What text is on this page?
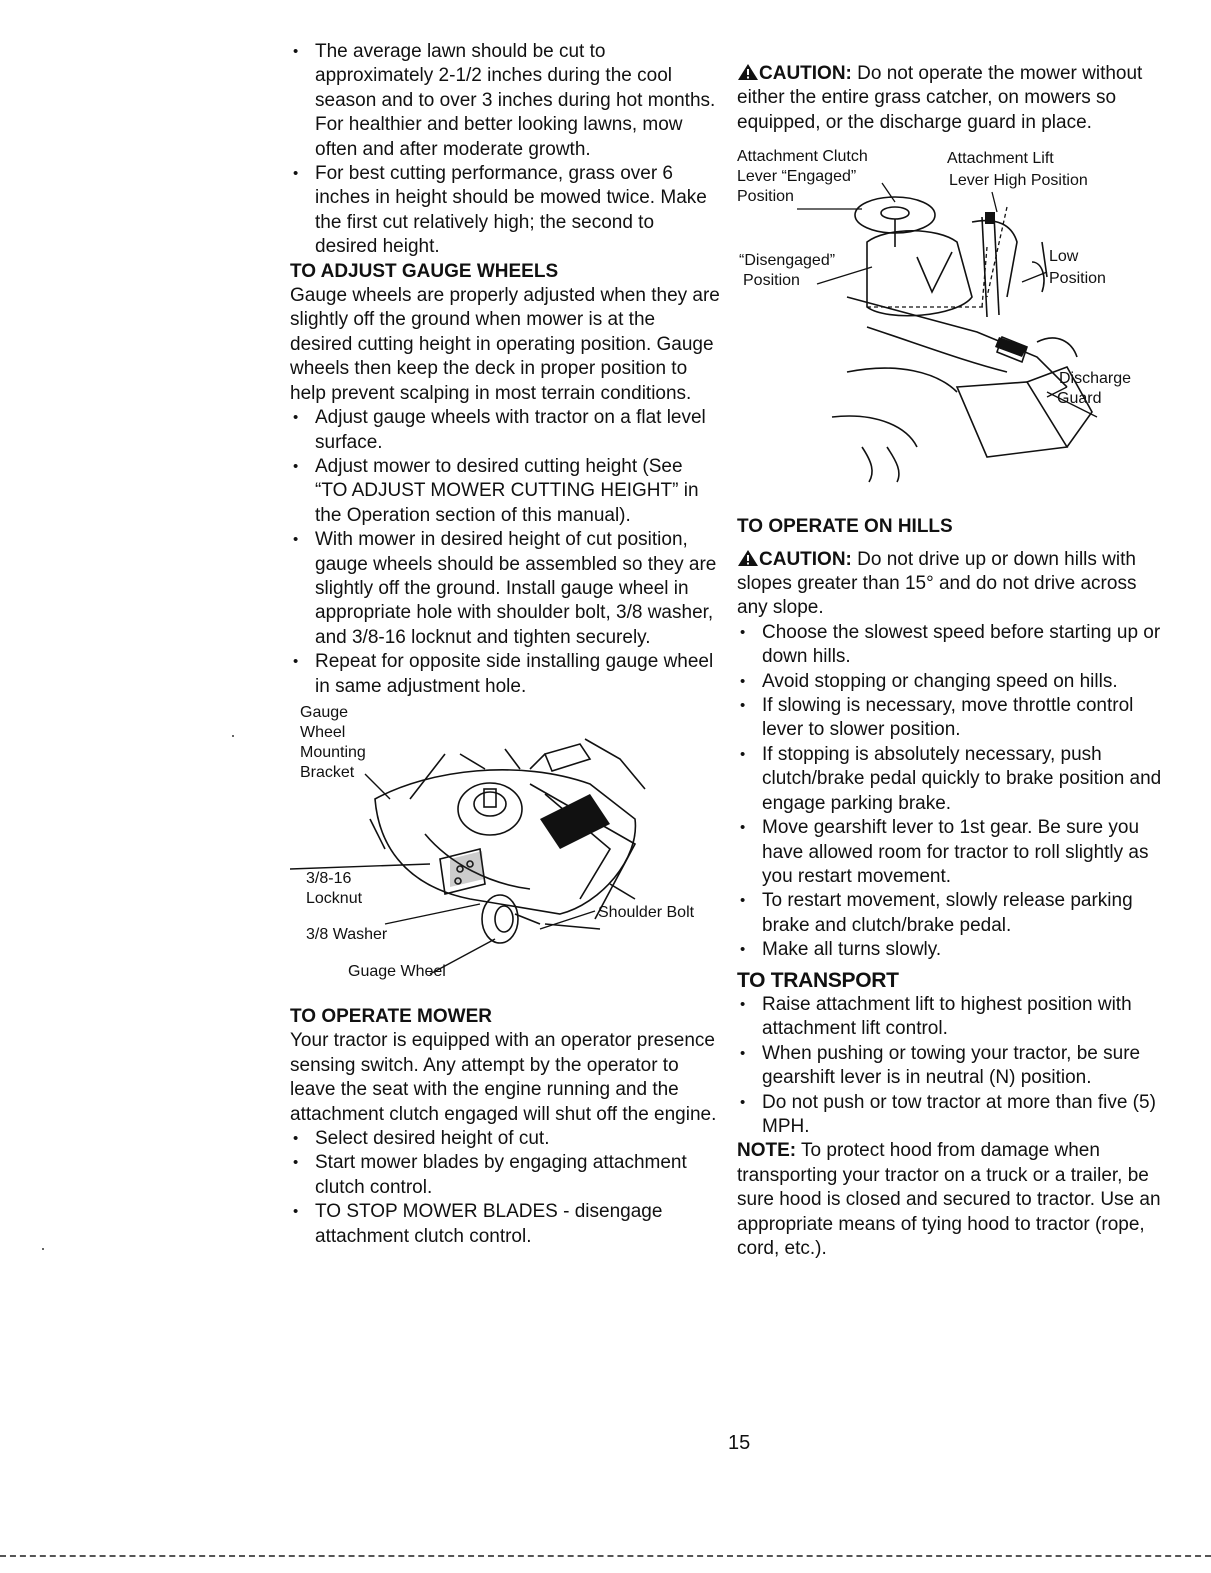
• The average lawn should be cut to approximately 2-1/2 inches during the cool season and to over 3 inches during hot months. For healthier and better looking lawns, mow often and after moderate growth.
• For best cutting performance, grass over 6 inches in height should be mowed twice. Make the first cut relatively high; the second to desired height.

TO ADJUST GAUGE WHEELS

Gauge wheels are properly adjusted when they are slightly off the ground when mower is at the desired cutting height in operating position. Gauge wheels then keep the deck in proper position to help prevent scalping in most terrain conditions.

• Adjust gauge wheels with tractor on a flat level surface.
• Adjust mower to desired cutting height (See “TO ADJUST MOWER CUTTING HEIGHT” in the Operation section of this manual).
• With mower in desired height of cut position, gauge wheels should be assembled so they are slightly off the ground. Install gauge wheel in appropriate hole with shoulder bolt, 3/8 washer, and 3/8-16 locknut and tighten securely.
• Repeat for opposite side installing gauge wheel in same adjustment hole.
Gauge
Wheel
Mounting
Bracket
3/8-16
Locknut
3/8 Washer
Guage Wheel
Shoulder Bolt

TO OPERATE MOWER

Your tractor is equipped with an operator presence sensing switch. Any attempt by the operator to leave the seat with the engine running and the attachment clutch engaged will shut off the engine.

• Select desired height of cut.
• Start mower blades by engaging attachment clutch control.
• TO STOP MOWER BLADES - disengage attachment clutch control.

CAUTION: Do not operate the mower without either the entire grass catcher, on mowers so equipped, or the discharge guard in place.

Attachment Clutch
Lever “Engaged”
Position
Attachment Lift
Lever High Position
“Disengaged”
Position
Low
Position
Discharge
Guard

TO OPERATE ON HILLS

CAUTION: Do not drive up or down hills with slopes greater than 15° and do not drive across any slope.

• Choose the slowest speed before starting up or down hills.
• Avoid stopping or changing speed on hills.
• If slowing is necessary, move throttle control lever to slower position.
• If stopping is absolutely necessary, push clutch/brake pedal quickly to brake position and engage parking brake.
• Move gearshift lever to 1st gear. Be sure you have allowed room for tractor to roll slightly as you restart movement.
• To restart movement, slowly release parking brake and clutch/brake pedal.
• Make all turns slowly.

TO TRANSPORT

• Raise attachment lift to highest position with attachment lift control.
• When pushing or towing your tractor, be sure gearshift lever is in neutral (N) position.
• Do not push or tow tractor at more than five (5) MPH.

NOTE: To protect hood from damage when transporting your tractor on a truck or a trailer, be sure hood is closed and secured to tractor. Use an appropriate means of tying hood to tractor (rope, cord, etc.).

15
